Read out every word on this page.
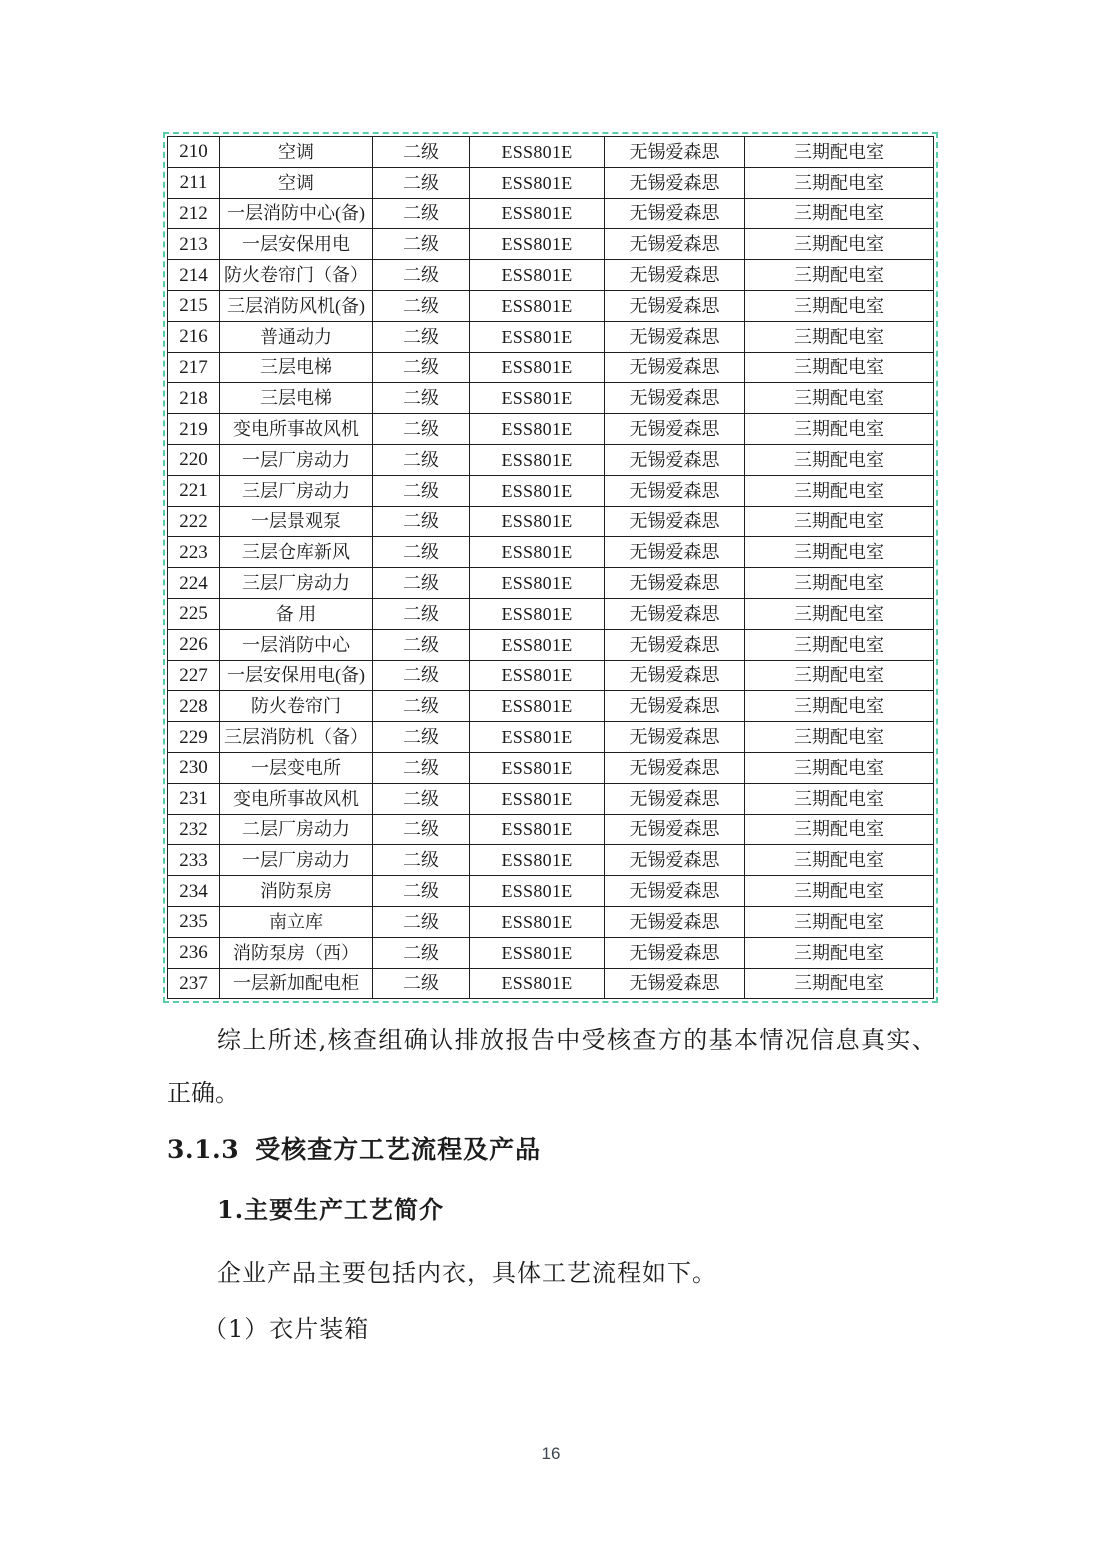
210	空调	二级	ESS801E	无锡爱森思	三期配电室
211	空调	二级	ESS801E	无锡爱森思	三期配电室
212	一层消防中心(备)	二级	ESS801E	无锡爱森思	三期配电室
213	一层安保用电	二级	ESS801E	无锡爱森思	三期配电室
214	防火卷帘门（备）	二级	ESS801E	无锡爱森思	三期配电室
215	三层消防风机(备)	二级	ESS801E	无锡爱森思	三期配电室
216	普通动力	二级	ESS801E	无锡爱森思	三期配电室
217	三层电梯	二级	ESS801E	无锡爱森思	三期配电室
218	三层电梯	二级	ESS801E	无锡爱森思	三期配电室
219	变电所事故风机	二级	ESS801E	无锡爱森思	三期配电室
220	一层厂房动力	二级	ESS801E	无锡爱森思	三期配电室
221	三层厂房动力	二级	ESS801E	无锡爱森思	三期配电室
222	一层景观泵	二级	ESS801E	无锡爱森思	三期配电室
223	三层仓库新风	二级	ESS801E	无锡爱森思	三期配电室
224	三层厂房动力	二级	ESS801E	无锡爱森思	三期配电室
225	备 用	二级	ESS801E	无锡爱森思	三期配电室
226	一层消防中心	二级	ESS801E	无锡爱森思	三期配电室
227	一层安保用电(备)	二级	ESS801E	无锡爱森思	三期配电室
228	防火卷帘门	二级	ESS801E	无锡爱森思	三期配电室
229	三层消防机（备）	二级	ESS801E	无锡爱森思	三期配电室
230	一层变电所	二级	ESS801E	无锡爱森思	三期配电室
231	变电所事故风机	二级	ESS801E	无锡爱森思	三期配电室
232	二层厂房动力	二级	ESS801E	无锡爱森思	三期配电室
233	一层厂房动力	二级	ESS801E	无锡爱森思	三期配电室
234	消防泵房	二级	ESS801E	无锡爱森思	三期配电室
235	南立库	二级	ESS801E	无锡爱森思	三期配电室
236	消防泵房（西）	二级	ESS801E	无锡爱森思	三期配电室
237	一层新加配电柜	二级	ESS801E	无锡爱森思	三期配电室
综上所述,核查组确认排放报告中受核查方的基本情况信息真实、
正确。
3.1.3 受核查方工艺流程及产品
1.主要生产工艺简介
企业产品主要包括内衣，具体工艺流程如下。
（1）衣片装箱
16
